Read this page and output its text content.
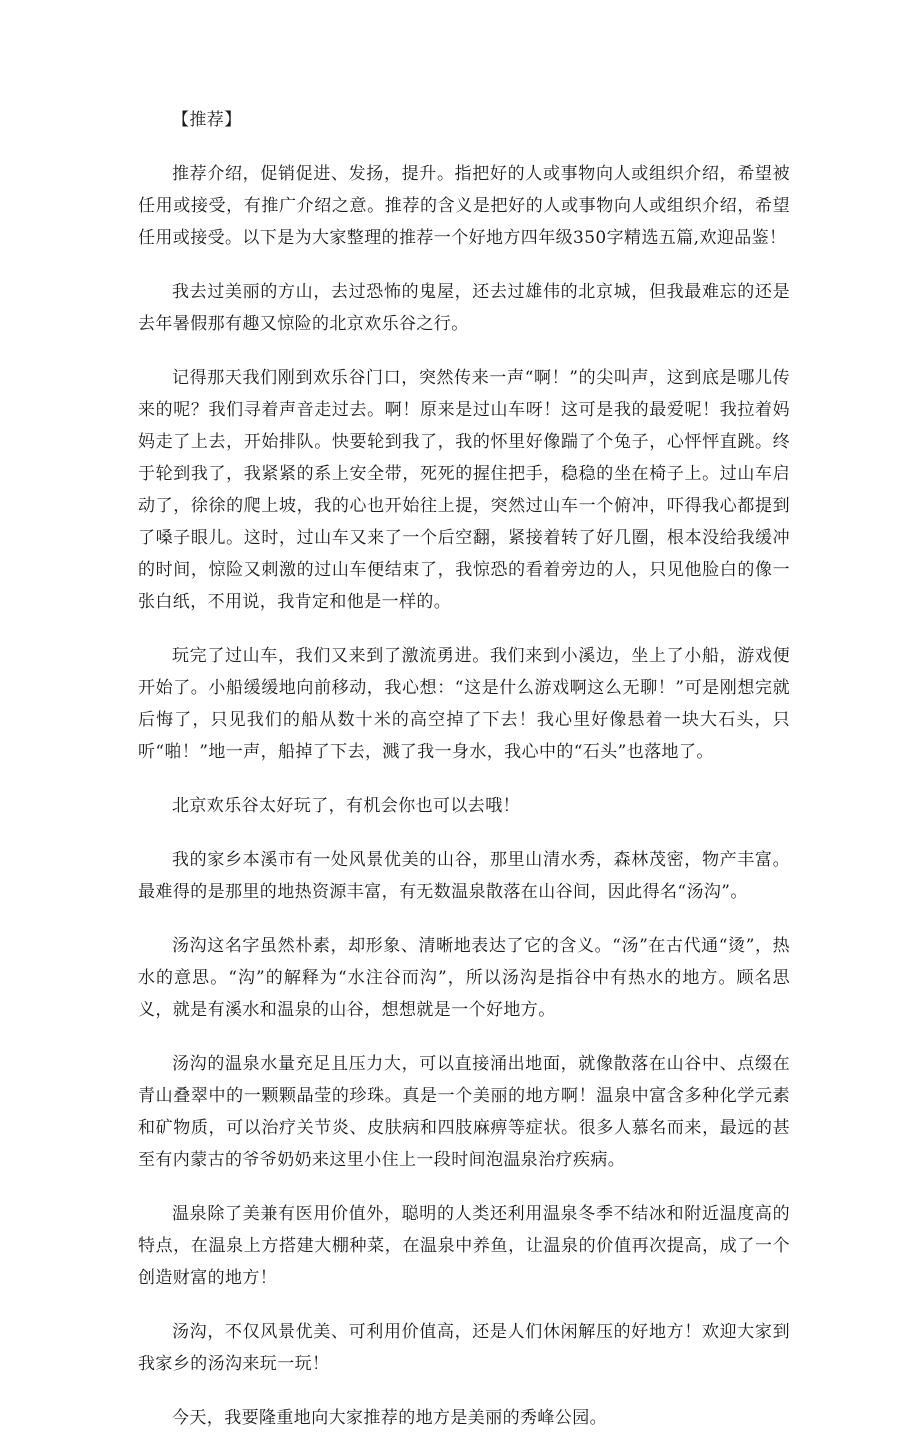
【推荐】

推荐介绍，促销促进、发扬，提升。指把好的人或事物向人或组织介绍，希望被任用或接受，有推广介绍之意。推荐的含义是把好的人或事物向人或组织介绍，希望任用或接受。以下是为大家整理的推荐一个好地方四年级350字精选五篇,欢迎品鉴！

我去过美丽的方山，去过恐怖的鬼屋，还去过雄伟的北京城，但我最难忘的还是去年暑假那有趣又惊险的北京欢乐谷之行。

记得那天我们刚到欢乐谷门口，突然传来一声“啊！”的尖叫声，这到底是哪儿传来的呢？我们寻着声音走过去。啊！原来是过山车呀！这可是我的最爱呢！我拉着妈妈走了上去，开始排队。快要轮到我了，我的怀里好像踹了个兔子，心怦怦直跳。终于轮到我了，我紧紧的系上安全带，死死的握住把手，稳稳的坐在椅子上。过山车启动了，徐徐的爬上坡，我的心也开始往上提，突然过山车一个俯冲，吓得我心都提到了嗓子眼儿。这时，过山车又来了一个后空翻，紧接着转了好几圈，根本没给我缓冲的时间，惊险又刺激的过山车便结束了，我惊恐的看着旁边的人，只见他脸白的像一张白纸，不用说，我肯定和他是一样的。

玩完了过山车，我们又来到了激流勇进。我们来到小溪边，坐上了小船，游戏便开始了。小船缓缓地向前移动，我心想：“这是什么游戏啊这么无聊！”可是刚想完就后悔了，只见我们的船从数十米的高空掉了下去！我心里好像悬着一块大石头，只听“啪！”地一声，船掉了下去，溅了我一身水，我心中的“石头”也落地了。

北京欢乐谷太好玩了，有机会你也可以去哦！

我的家乡本溪市有一处风景优美的山谷，那里山清水秀，森林茂密，物产丰富。最难得的是那里的地热资源丰富，有无数温泉散落在山谷间，因此得名“汤沟”。

汤沟这名字虽然朴素，却形象、清晰地表达了它的含义。“汤”在古代通“烫”，热水的意思。“沟”的解释为“水注谷而沟”，所以汤沟是指谷中有热水的地方。顾名思义，就是有溪水和温泉的山谷，想想就是一个好地方。

汤沟的温泉水量充足且压力大，可以直接涌出地面，就像散落在山谷中、点缀在青山叠翠中的一颗颗晶莹的珍珠。真是一个美丽的地方啊！温泉中富含多种化学元素和矿物质，可以治疗关节炎、皮肤病和四肢麻痹等症状。很多人慕名而来，最远的甚至有内蒙古的爷爷奶奶来这里小住上一段时间泡温泉治疗疾病。

温泉除了美兼有医用价值外，聪明的人类还利用温泉冬季不结冰和附近温度高的特点，在温泉上方搭建大棚种菜，在温泉中养鱼，让温泉的价值再次提高，成了一个创造财富的地方！

汤沟，不仅风景优美、可利用价值高，还是人们休闲解压的好地方！欢迎大家到我家乡的汤沟来玩一玩！

今天，我要隆重地向大家推荐的地方是美丽的秀峰公园。
